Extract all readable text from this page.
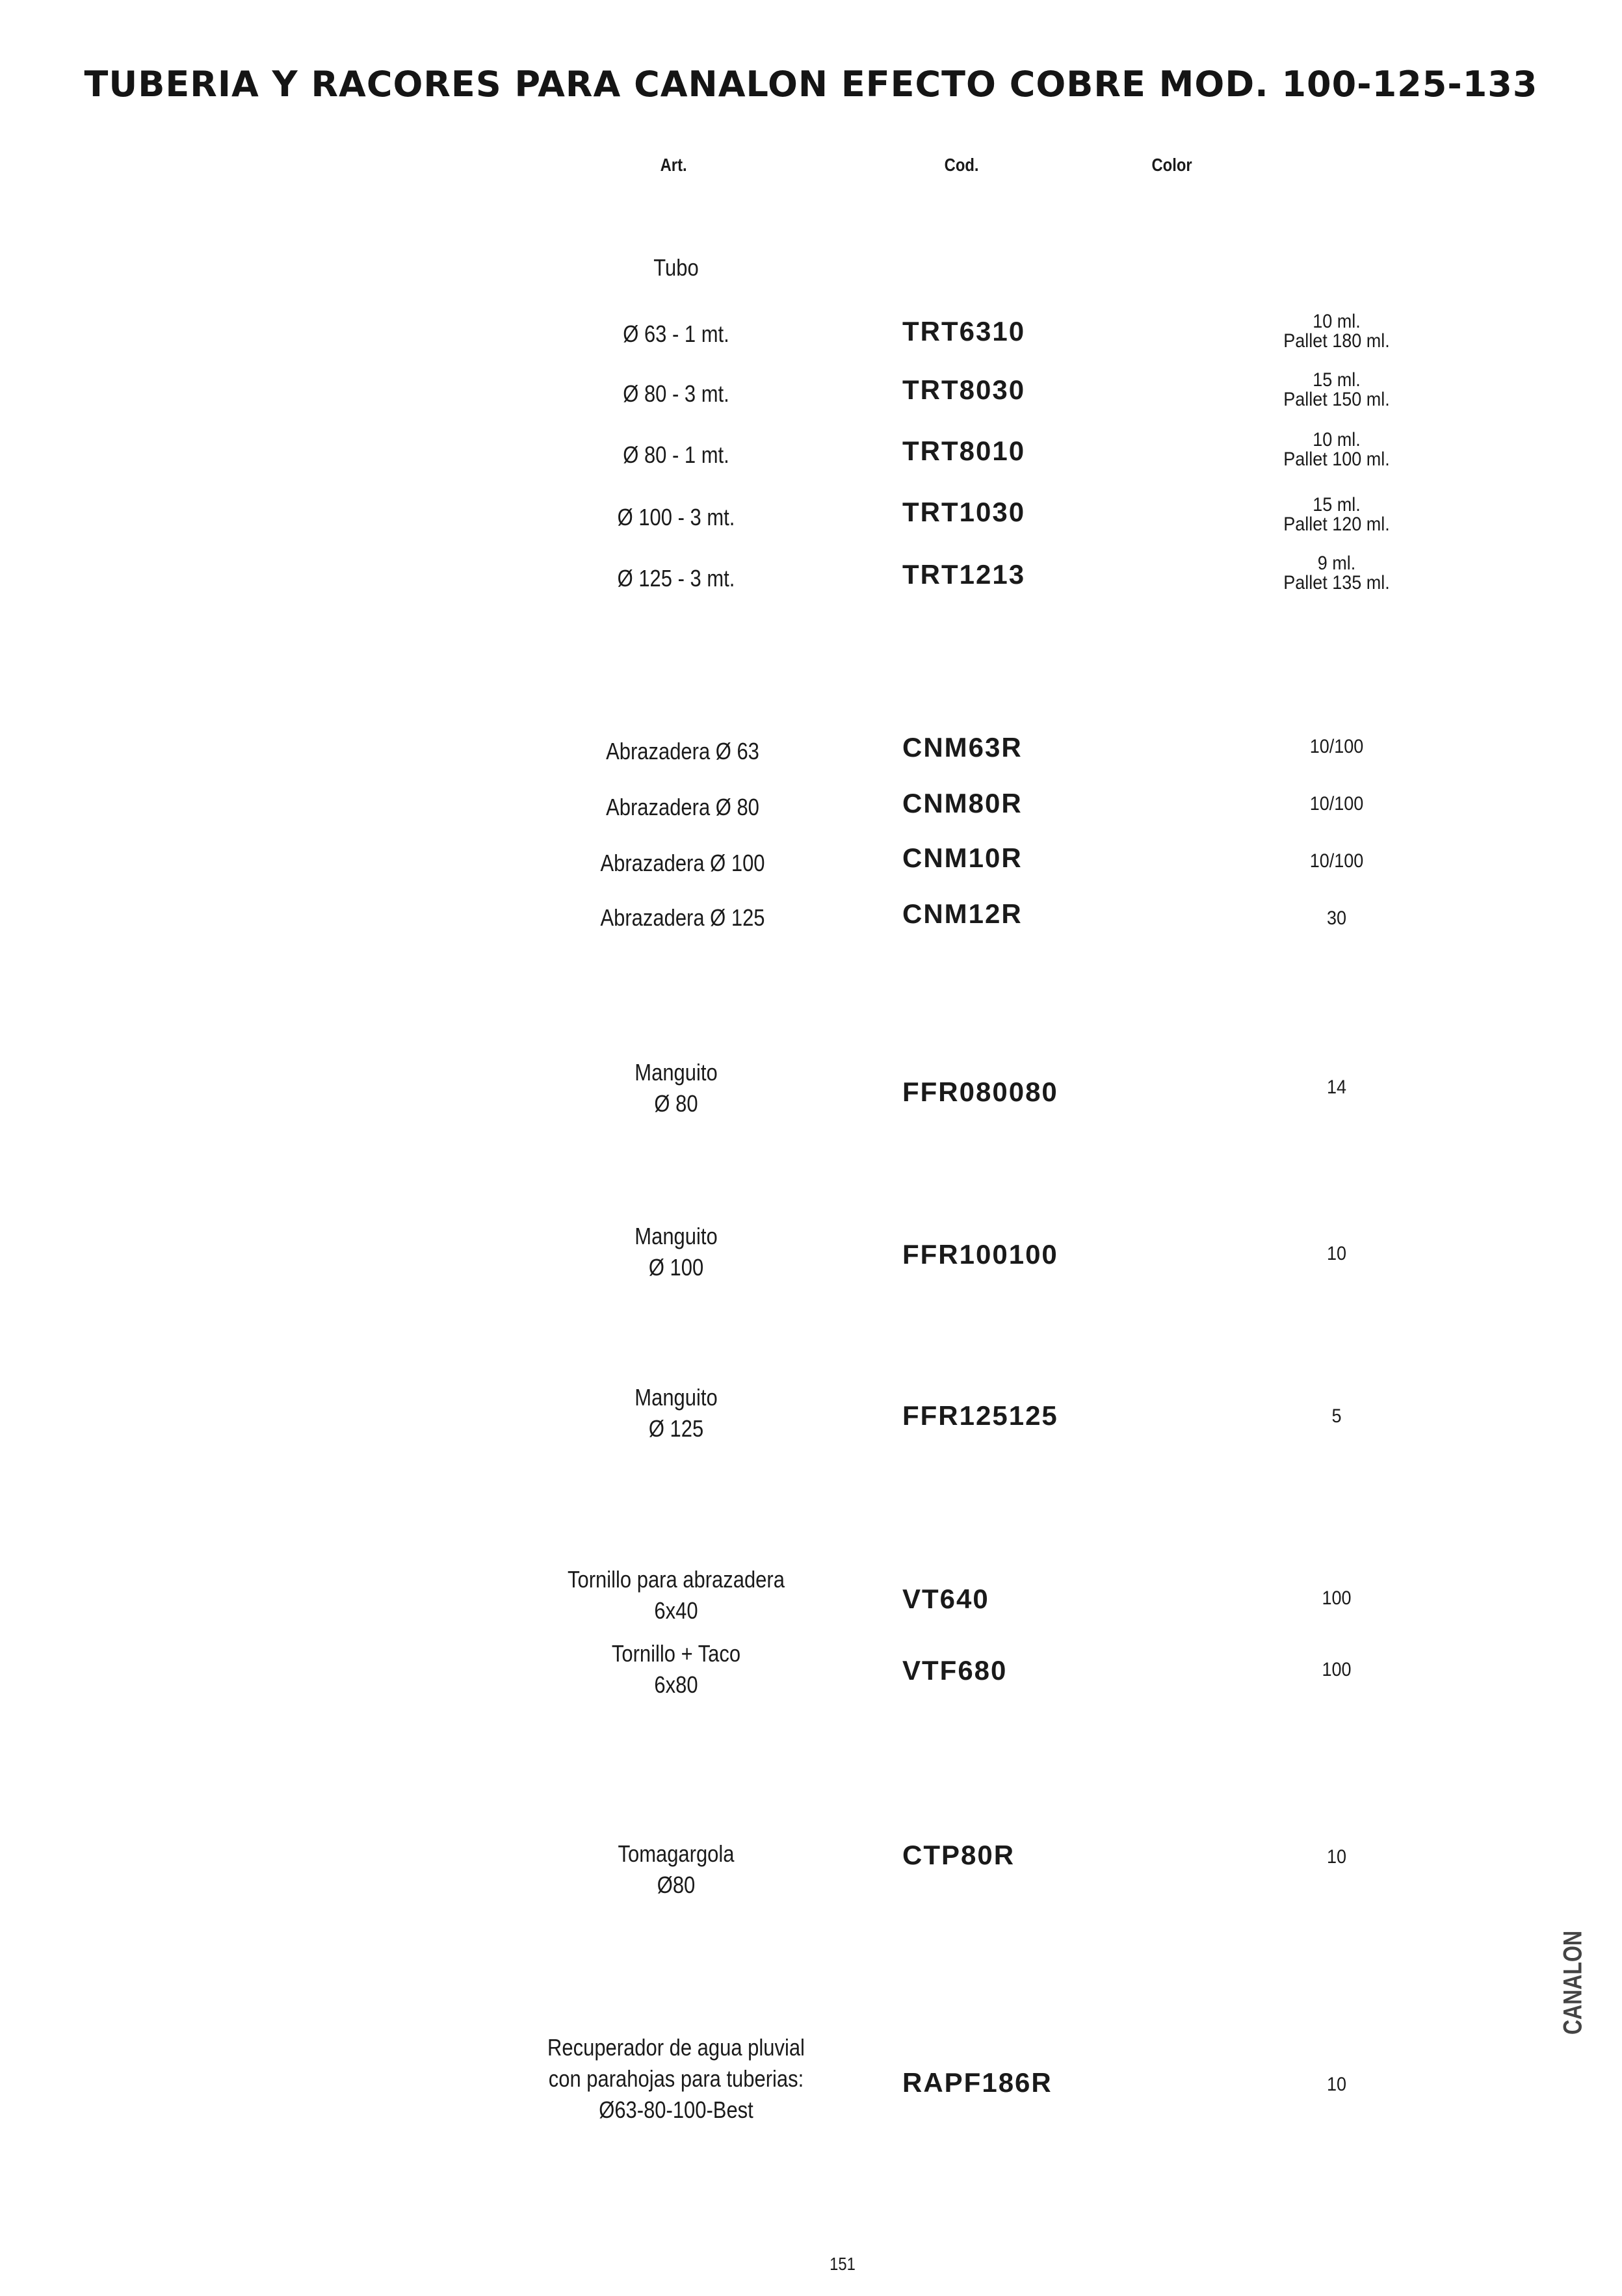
TUBERIA Y RACORES PARA CANALON EFECTO COBRE MOD. 100-125-133
Art.	Cod.	Color
Tubo
Ø 63 - 1 mt.	TRT6310	10 ml.
Pallet 180 ml.
Ø 80 - 3 mt.	TRT8030	15 ml.
Pallet 150 ml.
Ø 80 - 1 mt.	TRT8010	10 ml.
Pallet 100 ml.
Ø 100 - 3 mt.	TRT1030	15 ml.
Pallet 120 ml.
Ø 125 - 3 mt.	TRT1213	9 ml.
Pallet 135 ml.
Abrazadera Ø 63	CNM63R	10/100
Abrazadera Ø 80	CNM80R	10/100
Abrazadera Ø 100	CNM10R	10/100
Abrazadera Ø 125	CNM12R	30
Manguito
Ø 80	FFR080080	14
Manguito
Ø 100	FFR100100	10
Manguito
Ø 125	FFR125125	5
Tornillo para abrazadera
6x40	VT640	100
Tornillo + Taco
6x80	VTF680	100
Tomagargola
Ø80
CTP80R	10
Recuperador de agua pluvial
con parahojas para tuberias:
Ø63-80-100-Best
RAPF186R	10
CANALON
151
